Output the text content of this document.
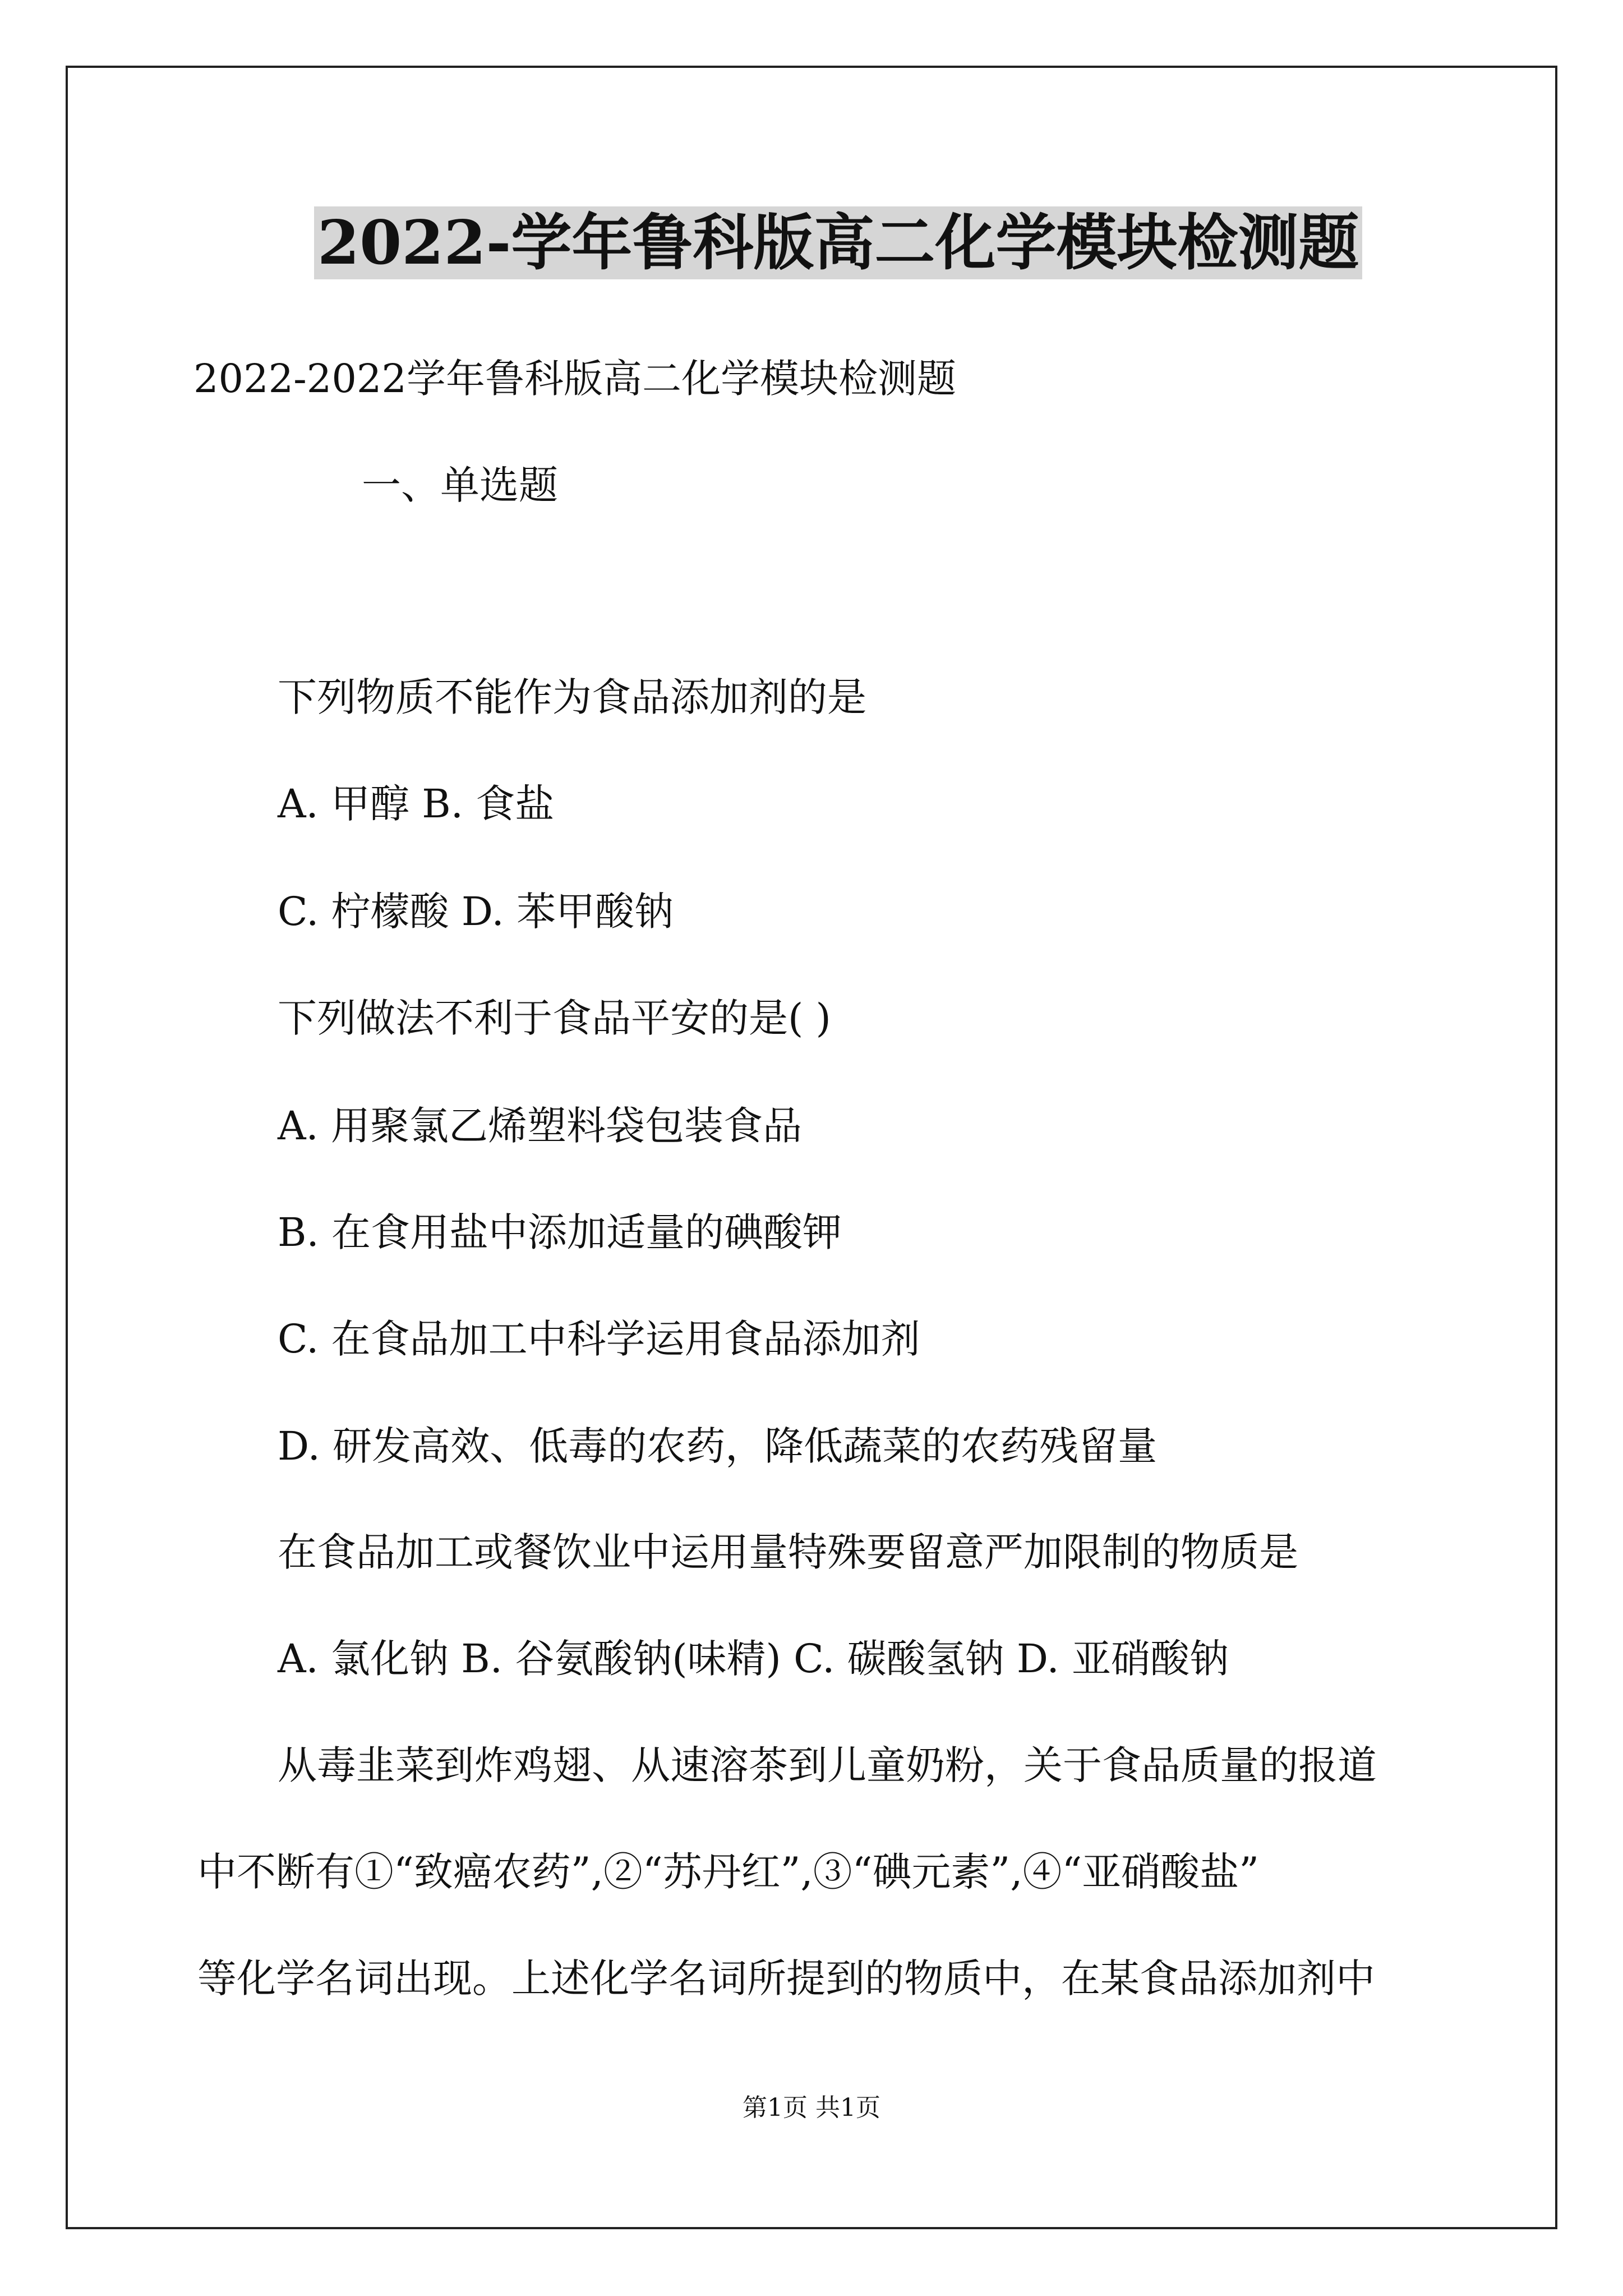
2022-学年鲁科版高二化学模块检测题
2022-2022学年鲁科版高二化学模块检测题
一、单选题
下列物质不能作为食品添加剂的是
A. 甲醇 B. 食盐
C. 柠檬酸 D. 苯甲酸钠
下列做法不利于食品平安的是( )
A. 用聚氯乙烯塑料袋包装食品
B. 在食用盐中添加适量的碘酸钾
C. 在食品加工中科学运用食品添加剂
D. 研发高效、低毒的农药，降低蔬菜的农药残留量
在食品加工或餐饮业中运用量特殊要留意严加限制的物质是
A. 氯化钠 B. 谷氨酸钠(味精) C. 碳酸氢钠 D. 亚硝酸钠
从毒韭菜到炸鸡翅、从速溶茶到儿童奶粉，关于食品质量的报道
中不断有①“致癌农药”,②“苏丹红”,③“碘元素”,④“亚硝酸盐”
等化学名词出现。上述化学名词所提到的物质中，在某食品添加剂中
第1页 共1页
